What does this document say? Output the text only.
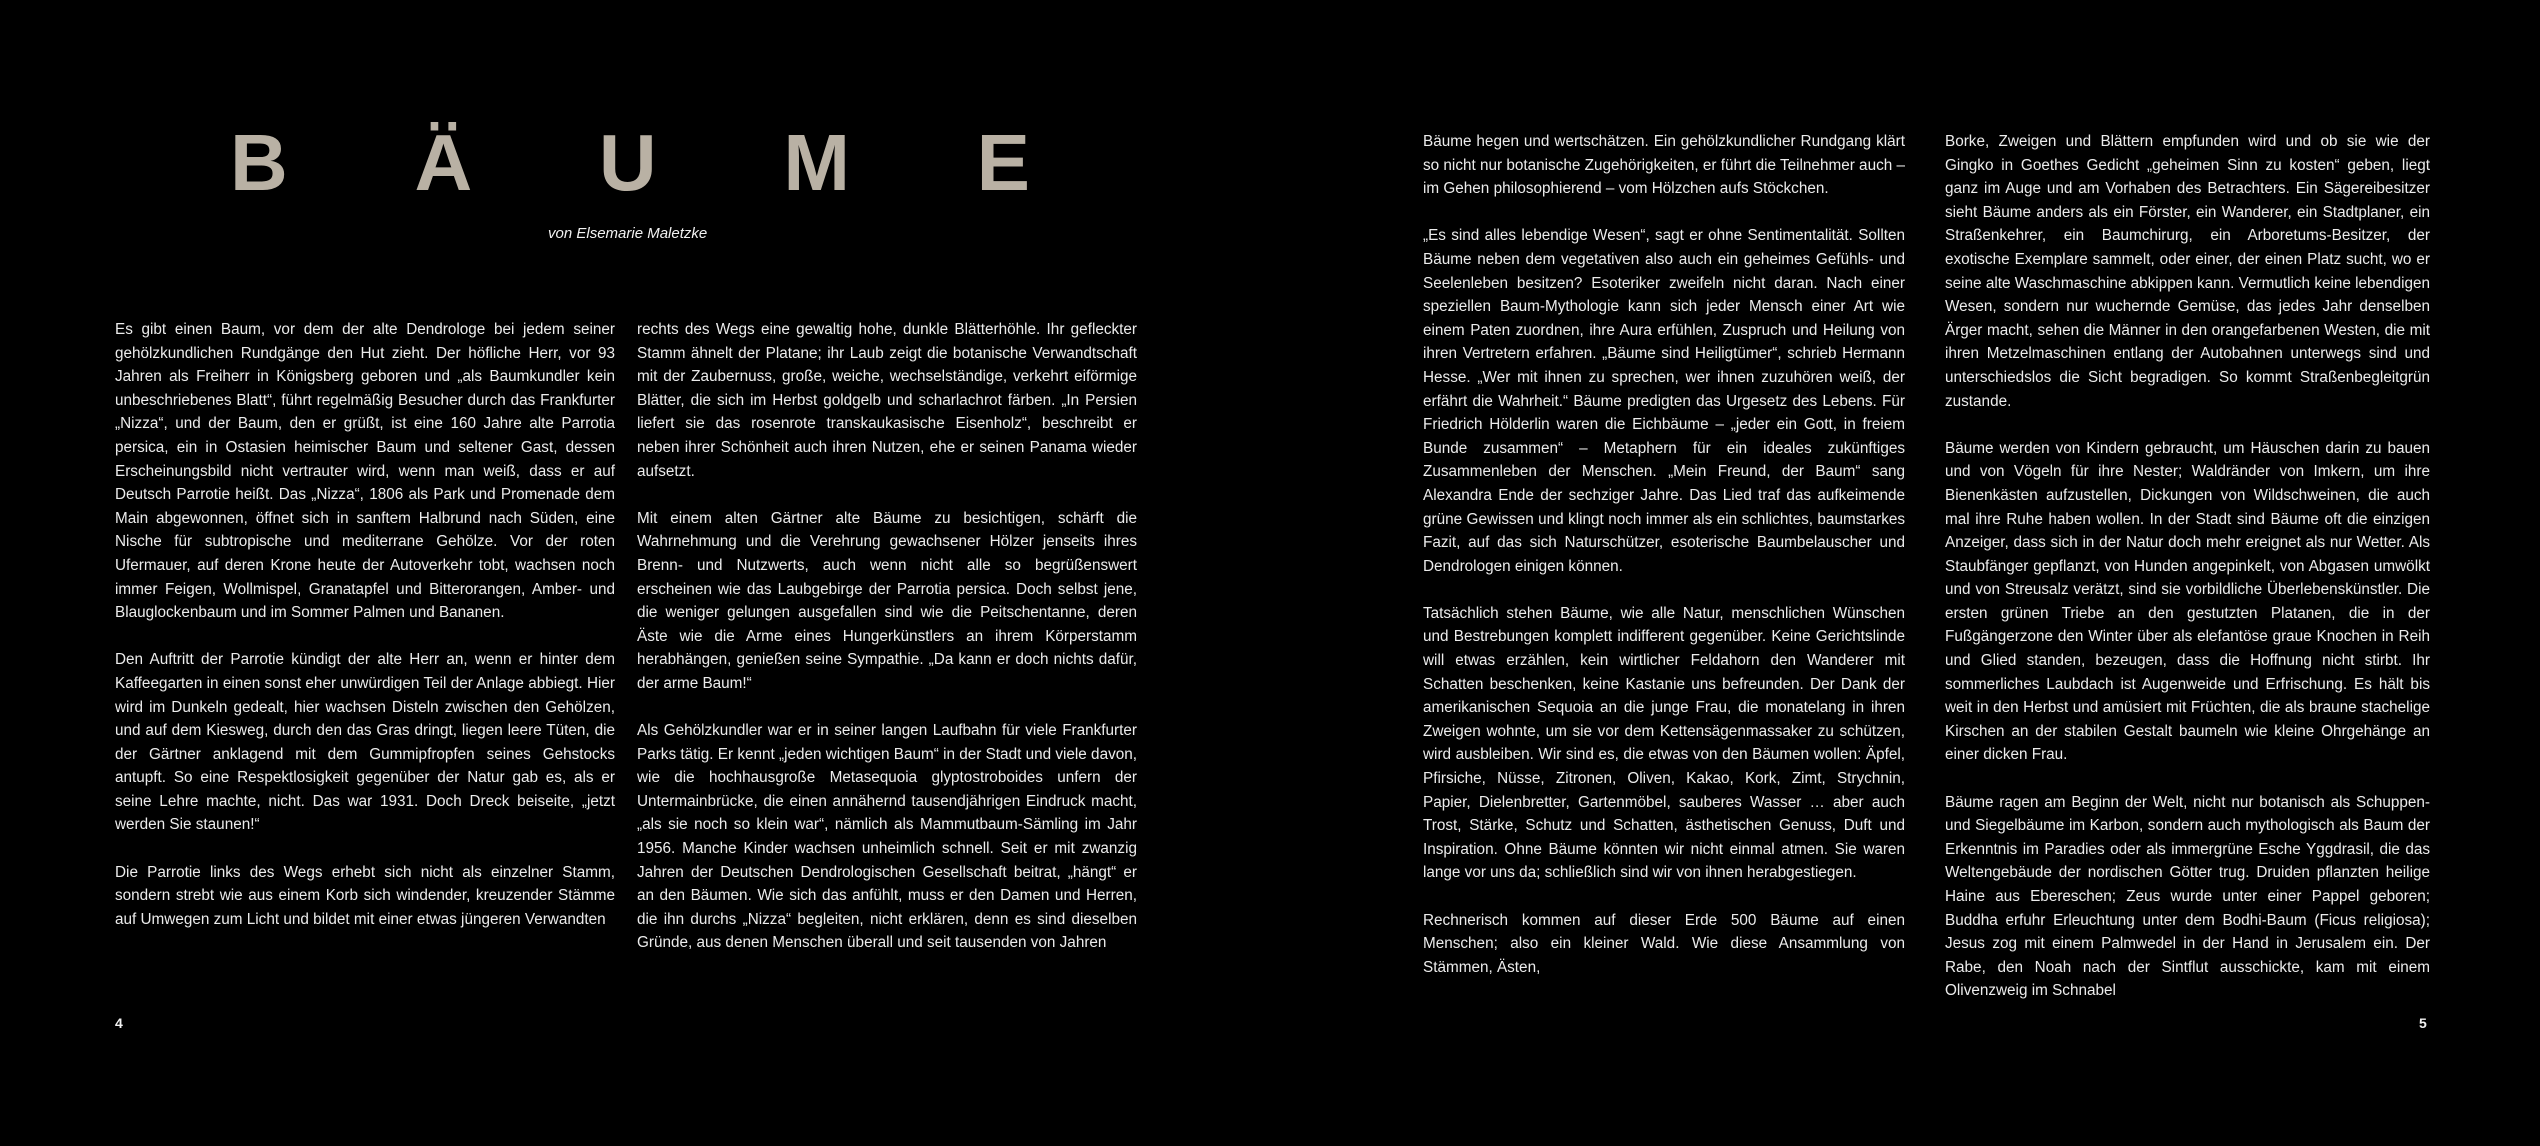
B Ä U M E
von Elsemarie Maletzke

Es gibt einen Baum, vor dem der alte Dendrologe bei jedem seiner gehölzkundlichen Rundgänge den Hut zieht. Der höfliche Herr, vor 93 Jahren als Freiherr in Königsberg geboren und „als Baumkundler kein unbeschriebenes Blatt“, führt regelmäßig Besucher durch das Frankfurter „Nizza“, und der Baum, den er grüßt, ist eine 160 Jahre alte Parrotia persica, ein in Ostasien heimischer Baum und seltener Gast, dessen Erscheinungsbild nicht vertrauter wird, wenn man weiß, dass er auf Deutsch Parrotie heißt. Das „Nizza“, 1806 als Park und Promenade dem Main abgewonnen, öffnet sich in sanftem Halbrund nach Süden, eine Nische für subtropische und mediterrane Gehölze. Vor der roten Ufermauer, auf deren Krone heute der Autoverkehr tobt, wachsen noch immer Feigen, Wollmispel, Granatapfel und Bitterorangen, Amber- und Blauglockenbaum und im Sommer Palmen und Bananen.

Den Auftritt der Parrotie kündigt der alte Herr an, wenn er hinter dem Kaffeegarten in einen sonst eher unwürdigen Teil der Anlage abbiegt. Hier wird im Dunkeln gedealt, hier wachsen Disteln zwischen den Gehölzen, und auf dem Kiesweg, durch den das Gras dringt, liegen leere Tüten, die der Gärtner anklagend mit dem Gummipfropfen seines Gehstocks antupft. So eine Respektlosigkeit gegenüber der Natur gab es, als er seine Lehre machte, nicht. Das war 1931. Doch Dreck beiseite, „jetzt werden Sie staunen!“

Die Parrotie links des Wegs erhebt sich nicht als einzelner Stamm, sondern strebt wie aus einem Korb sich windender, kreuzender Stämme auf Umwegen zum Licht und bildet mit einer etwas jüngeren Verwandten

rechts des Wegs eine gewaltig hohe, dunkle Blätterhöhle. Ihr gefleckter Stamm ähnelt der Platane; ihr Laub zeigt die botanische Verwandtschaft mit der Zaubernuss, große, weiche, wechselständige, verkehrt eiförmige Blätter, die sich im Herbst goldgelb und scharlachrot färben. „In Persien liefert sie das rosenrote transkaukasische Eisenholz“, beschreibt er neben ihrer Schönheit auch ihren Nutzen, ehe er seinen Panama wieder aufsetzt.

Mit einem alten Gärtner alte Bäume zu besichtigen, schärft die Wahrnehmung und die Verehrung gewachsener Hölzer jenseits ihres Brenn- und Nutzwerts, auch wenn nicht alle so begrüßenswert erscheinen wie das Laubgebirge der Parrotia persica. Doch selbst jene, die weniger gelungen ausgefallen sind wie die Peitschentanne, deren Äste wie die Arme eines Hungerkünstlers an ihrem Körperstamm herabhängen, genießen seine Sympathie. „Da kann er doch nichts dafür, der arme Baum!“

Als Gehölzkundler war er in seiner langen Laufbahn für viele Frankfurter Parks tätig. Er kennt „jeden wichtigen Baum“ in der Stadt und viele davon, wie die hochhausgroße Metasequoia glyptostroboides unfern der Untermainbrücke, die einen annähernd tausendjährigen Eindruck macht, „als sie noch so klein war“, nämlich als Mammutbaum-Sämling im Jahr 1956. Manche Kinder wachsen unheimlich schnell. Seit er mit zwanzig Jahren der Deutschen Dendrologischen Gesellschaft beitrat, „hängt“ er an den Bäumen. Wie sich das anfühlt, muss er den Damen und Herren, die ihn durchs „Nizza“ begleiten, nicht erklären, denn es sind dieselben Gründe, aus denen Menschen überall und seit tausenden von Jahren

Bäume hegen und wertschätzen. Ein gehölzkundlicher Rundgang klärt so nicht nur botanische Zugehörigkeiten, er führt die Teilnehmer auch – im Gehen philosophierend – vom Hölzchen aufs Stöckchen.

„Es sind alles lebendige Wesen“, sagt er ohne Sentimentalität. Sollten Bäume neben dem vegetativen also auch ein geheimes Gefühls- und Seelenleben besitzen? Esoteriker zweifeln nicht daran. Nach einer speziellen Baum-Mythologie kann sich jeder Mensch einer Art wie einem Paten zuordnen, ihre Aura erfühlen, Zuspruch und Heilung von ihren Vertretern erfahren. „Bäume sind Heiligtümer“, schrieb Hermann Hesse. „Wer mit ihnen zu sprechen, wer ihnen zuzuhören weiß, der erfährt die Wahrheit.“ Bäume predigten das Urgesetz des Lebens. Für Friedrich Hölderlin waren die Eichbäume – „jeder ein Gott, in freiem Bunde zusammen“ – Metaphern für ein ideales zukünftiges Zusammenleben der Menschen. „Mein Freund, der Baum“ sang Alexandra Ende der sechziger Jahre. Das Lied traf das aufkeimende grüne Gewissen und klingt noch immer als ein schlichtes, baumstarkes Fazit, auf das sich Naturschützer, esoterische Baumbelauscher und Dendrologen einigen können.

Tatsächlich stehen Bäume, wie alle Natur, menschlichen Wünschen und Bestrebungen komplett indifferent gegenüber. Keine Gerichtslinde will etwas erzählen, kein wirtlicher Feldahorn den Wanderer mit Schatten beschenken, keine Kastanie uns befreunden. Der Dank der amerikanischen Sequoia an die junge Frau, die monatelang in ihren Zweigen wohnte, um sie vor dem Kettensägenmassaker zu schützen, wird ausbleiben. Wir sind es, die etwas von den Bäumen wollen: Äpfel, Pfirsiche, Nüsse, Zitronen, Oliven, Kakao, Kork, Zimt, Strychnin, Papier, Dielenbretter, Gartenmöbel, sauberes Wasser … aber auch Trost, Stärke, Schutz und Schatten, ästhetischen Genuss, Duft und Inspiration. Ohne Bäume könnten wir nicht einmal atmen. Sie waren lange vor uns da; schließlich sind wir von ihnen herabgestiegen.

Rechnerisch kommen auf dieser Erde 500 Bäume auf einen Menschen; also ein kleiner Wald. Wie diese Ansammlung von Stämmen, Ästen,

Borke, Zweigen und Blättern empfunden wird und ob sie wie der Gingko in Goethes Gedicht „geheimen Sinn zu kosten“ geben, liegt ganz im Auge und am Vorhaben des Betrachters. Ein Sägereibesitzer sieht Bäume anders als ein Förster, ein Wanderer, ein Stadtplaner, ein Straßenkehrer, ein Baumchirurg, ein Arboretums-Besitzer, der exotische Exemplare sammelt, oder einer, der einen Platz sucht, wo er seine alte Waschmaschine abkippen kann. Vermutlich keine lebendigen Wesen, sondern nur wuchernde Gemüse, das jedes Jahr denselben Ärger macht, sehen die Männer in den orangefarbenen Westen, die mit ihren Metzelmaschinen entlang der Autobahnen unterwegs sind und unterschiedslos die Sicht begradigen. So kommt Straßenbegleitgrün zustande.

Bäume werden von Kindern gebraucht, um Häuschen darin zu bauen und von Vögeln für ihre Nester; Waldränder von Imkern, um ihre Bienenkästen aufzustellen, Dickungen von Wildschweinen, die auch mal ihre Ruhe haben wollen. In der Stadt sind Bäume oft die einzigen Anzeiger, dass sich in der Natur doch mehr ereignet als nur Wetter. Als Staubfänger gepflanzt, von Hunden angepinkelt, von Abgasen umwölkt und von Streusalz verätzt, sind sie vorbildliche Überlebenskünstler. Die ersten grünen Triebe an den gestutzten Platanen, die in der Fußgängerzone den Winter über als elefantöse graue Knochen in Reih und Glied standen, bezeugen, dass die Hoffnung nicht stirbt. Ihr sommerliches Laubdach ist Augenweide und Erfrischung. Es hält bis weit in den Herbst und amüsiert mit Früchten, die als braune stachelige Kirschen an der stabilen Gestalt baumeln wie kleine Ohrgehänge an einer dicken Frau.

Bäume ragen am Beginn der Welt, nicht nur botanisch als Schuppen- und Siegelbäume im Karbon, sondern auch mythologisch als Baum der Erkenntnis im Paradies oder als immergrüne Esche Yggdrasil, die das Weltengebäude der nordischen Götter trug. Druiden pflanzten heilige Haine aus Ebereschen; Zeus wurde unter einer Pappel geboren; Buddha erfuhr Erleuchtung unter dem Bodhi-Baum (Ficus religiosa); Jesus zog mit einem Palmwedel in der Hand in Jerusalem ein. Der Rabe, den Noah nach der Sintflut ausschickte, kam mit einem Olivenzweig im Schnabel

4	5
